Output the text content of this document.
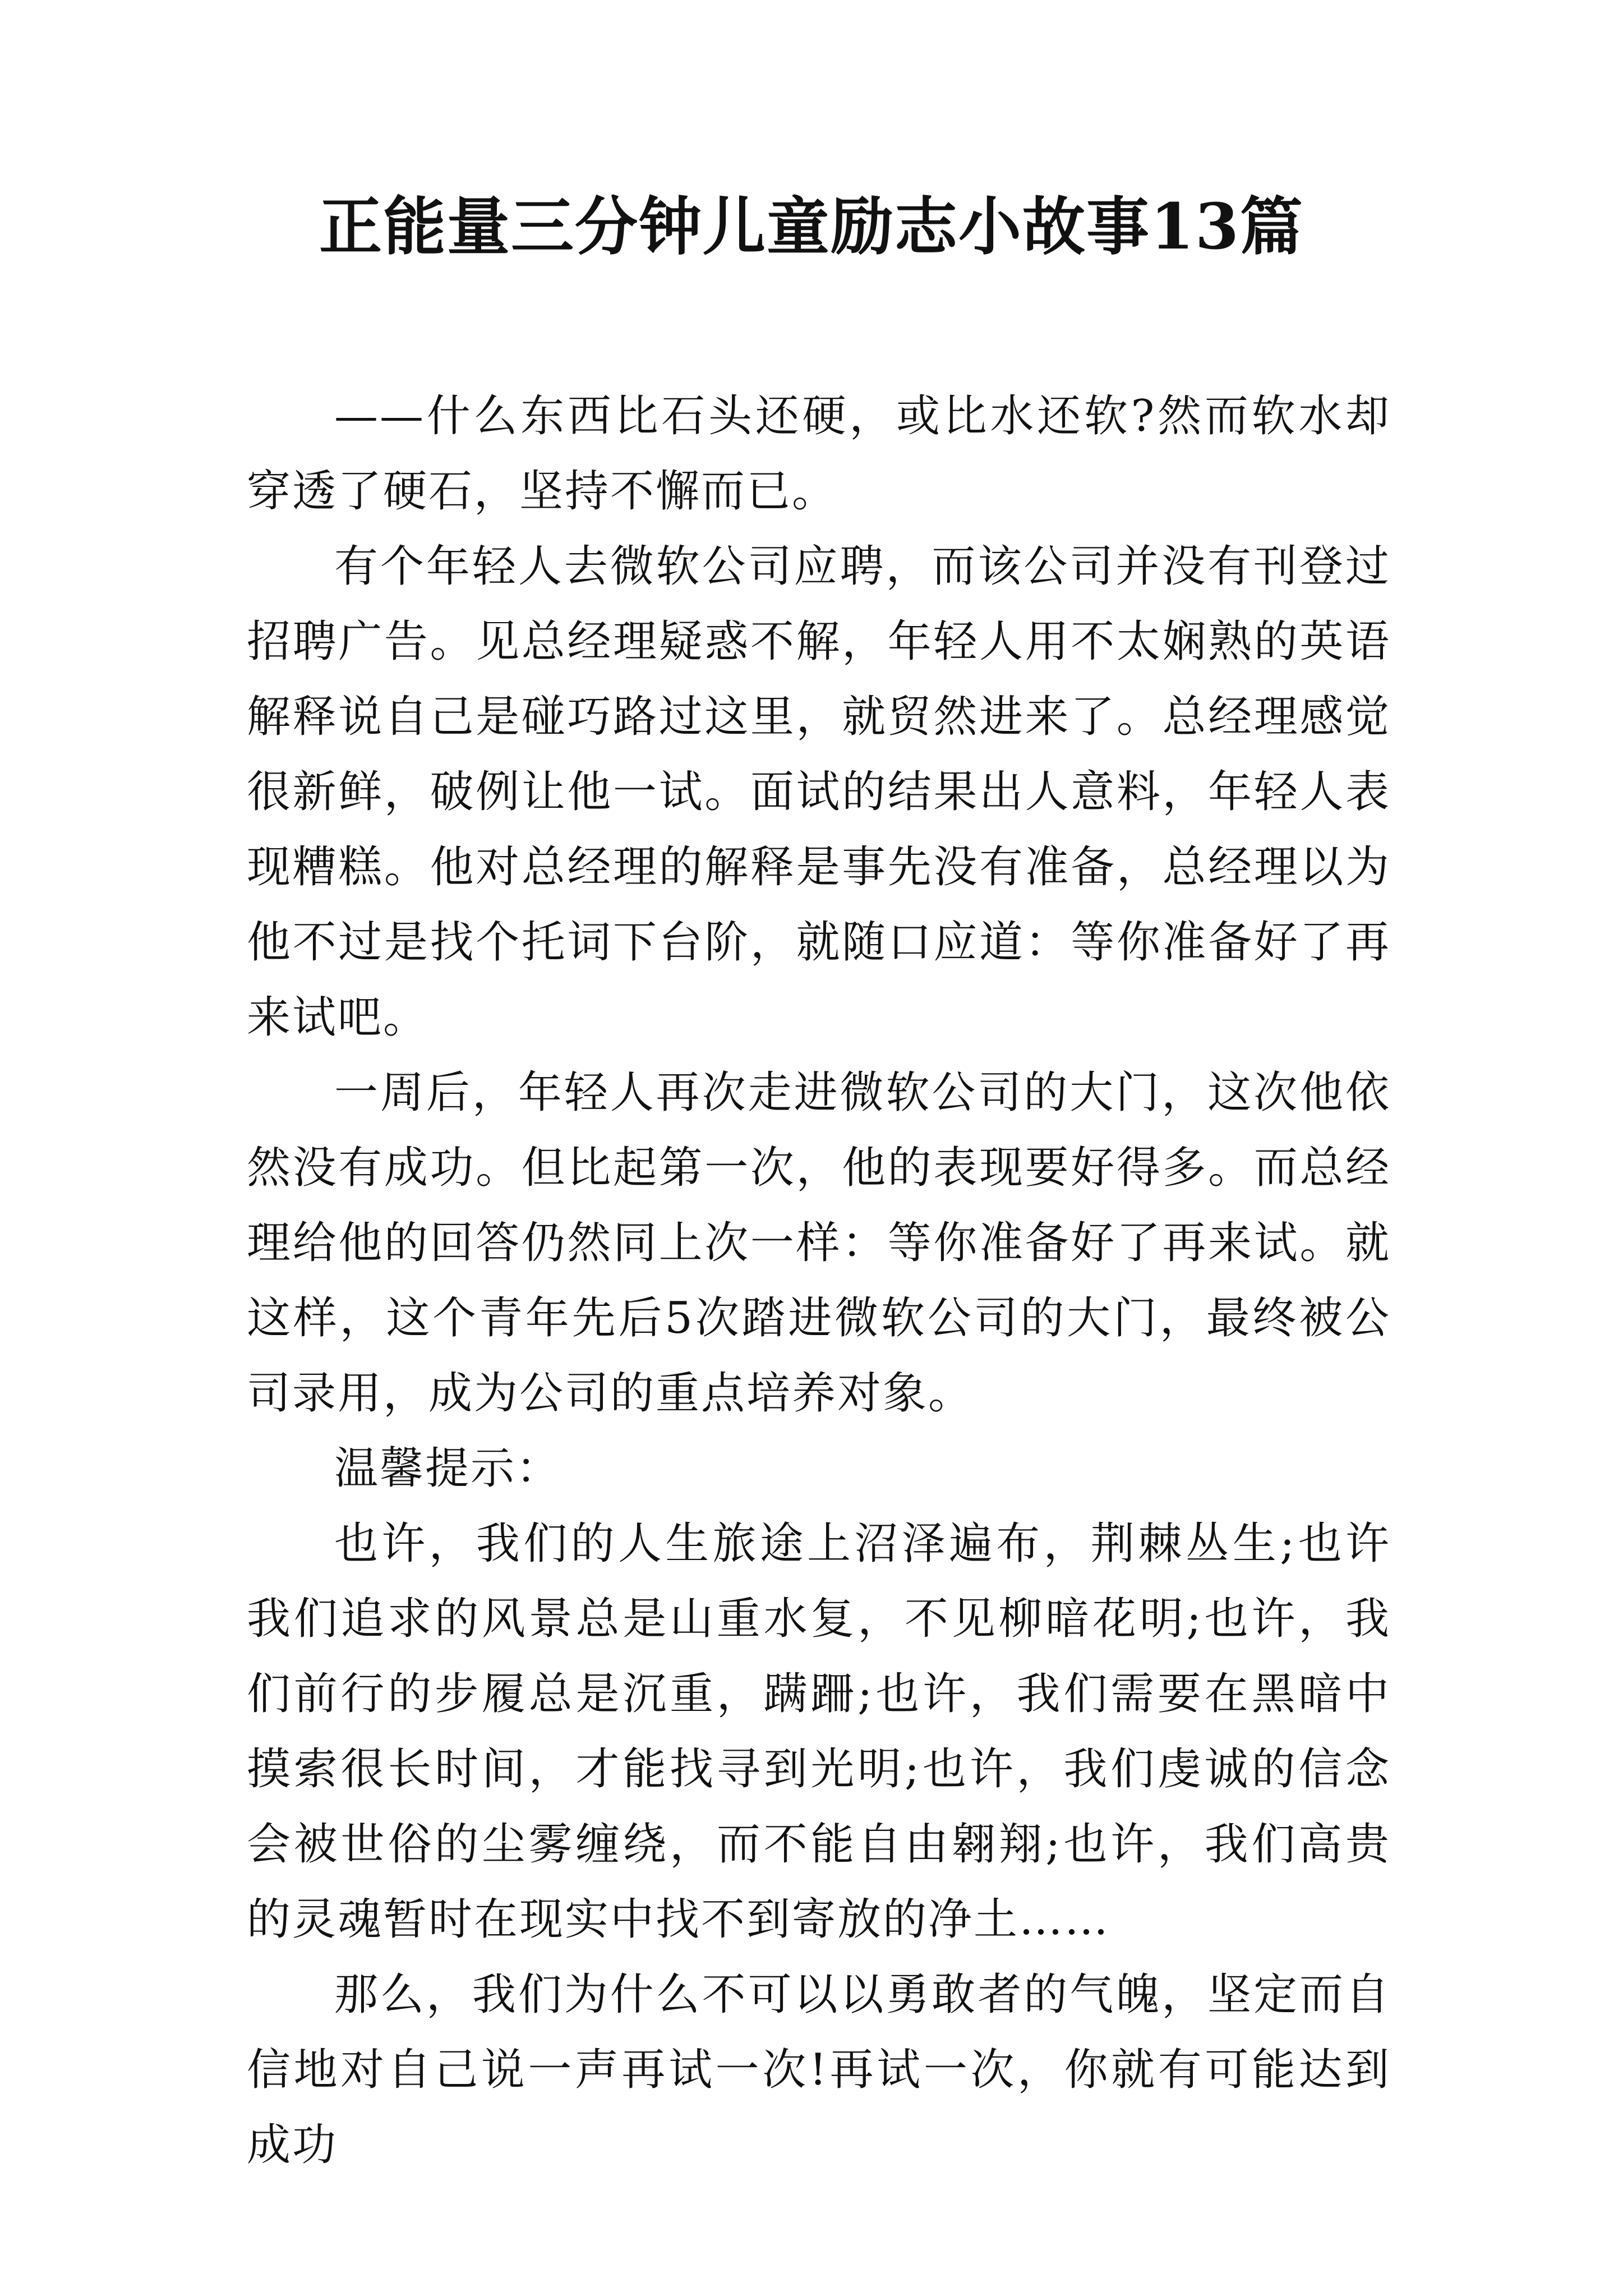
正能量三分钟儿童励志小故事13篇

——什么东西比石头还硬，或比水还软?然而软水却穿透了硬石，坚持不懈而已。

有个年轻人去微软公司应聘，而该公司并没有刊登过招聘广告。见总经理疑惑不解，年轻人用不太娴熟的英语解释说自己是碰巧路过这里，就贸然进来了。总经理感觉很新鲜，破例让他一试。面试的结果出人意料，年轻人表现糟糕。他对总经理的解释是事先没有准备，总经理以为他不过是找个托词下台阶，就随口应道：等你准备好了再来试吧。

一周后，年轻人再次走进微软公司的大门，这次他依然没有成功。但比起第一次，他的表现要好得多。而总经理给他的回答仍然同上次一样：等你准备好了再来试。就这样，这个青年先后5次踏进微软公司的大门，最终被公司录用，成为公司的重点培养对象。

温馨提示：

也许，我们的人生旅途上沼泽遍布，荆棘丛生;也许我们追求的风景总是山重水复，不见柳暗花明;也许，我们前行的步履总是沉重，蹒跚;也许，我们需要在黑暗中摸索很长时间，才能找寻到光明;也许，我们虔诚的信念会被世俗的尘雾缠绕，而不能自由翱翔;也许，我们高贵的灵魂暂时在现实中找不到寄放的净土……

那么，我们为什么不可以以勇敢者的气魄，坚定而自信地对自己说一声再试一次!再试一次，你就有可能达到成功
